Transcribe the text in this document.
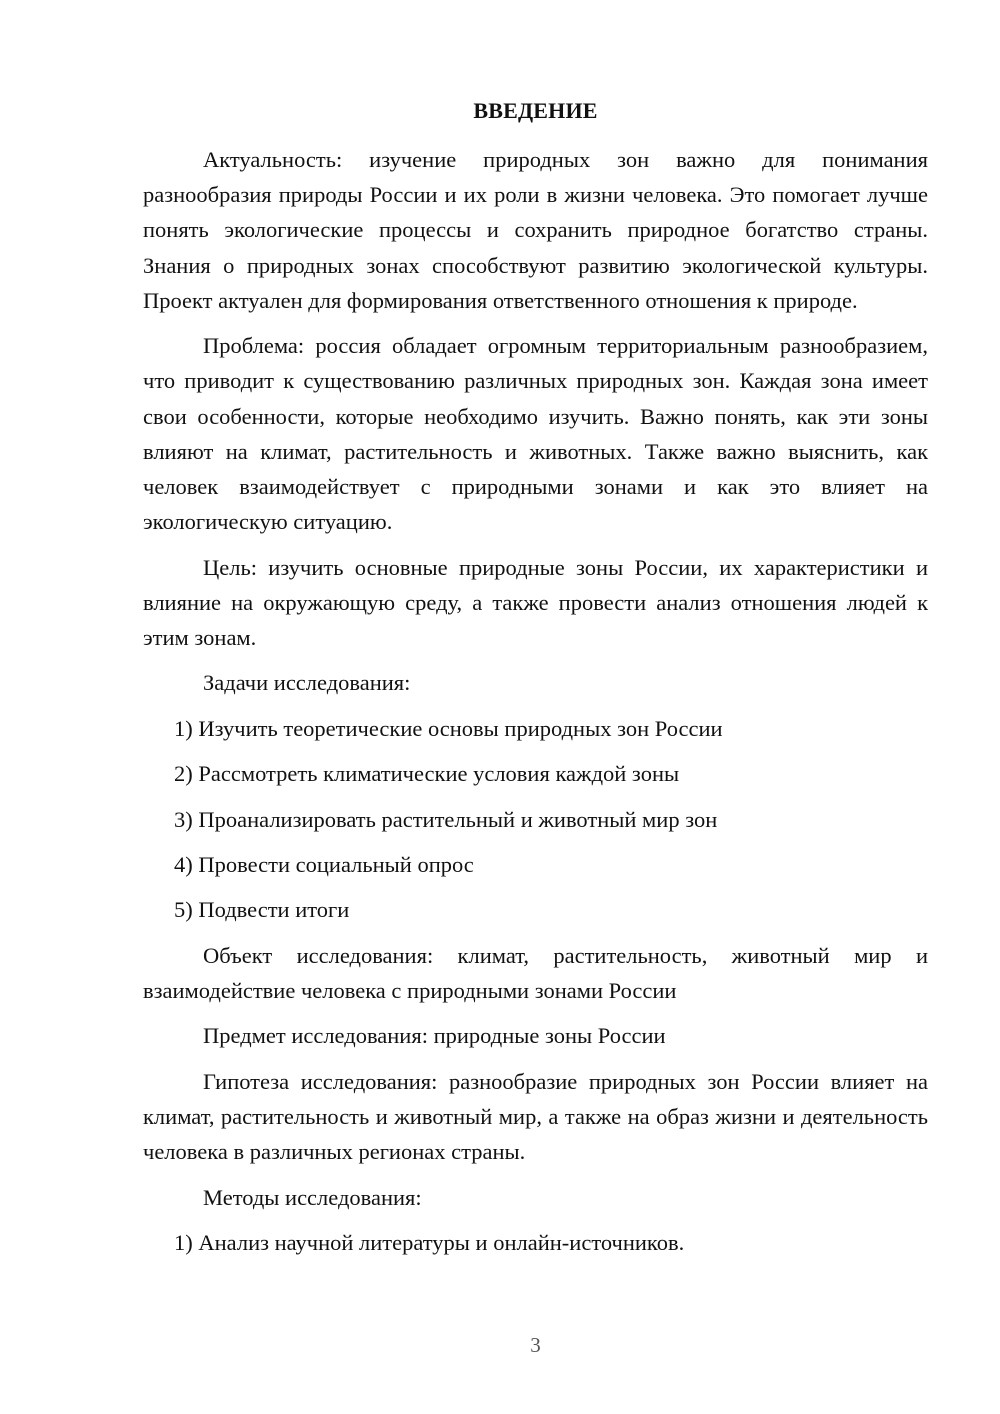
ВВЕДЕНИЕ

Актуальность: изучение природных зон важно для понимания разнообразия природы России и их роли в жизни человека. Это помогает лучше понять экологические процессы и сохранить природное богатство страны. Знания о природных зонах способствуют развитию экологической культуры. Проект актуален для формирования ответственного отношения к природе.

Проблема: россия обладает огромным территориальным разнообразием, что приводит к существованию различных природных зон. Каждая зона имеет свои особенности, которые необходимо изучить. Важно понять, как эти зоны влияют на климат, растительность и животных. Также важно выяснить, как человек взаимодействует с природными зонами и как это влияет на экологическую ситуацию.

Цель: изучить основные природные зоны России, их характеристики и влияние на окружающую среду, а также провести анализ отношения людей к этим зонам.

Задачи исследования:

1) Изучить теоретические основы природных зон России

2) Рассмотреть климатические условия каждой зоны

3) Проанализировать растительный и животный мир зон

4) Провести социальный опрос

5) Подвести итоги

Объект исследования: климат, растительность, животный мир и взаимодействие человека с природными зонами России

Предмет исследования: природные зоны России

Гипотеза исследования: разнообразие природных зон России влияет на климат, растительность и животный мир, а также на образ жизни и деятельность человека в различных регионах страны.

Методы исследования:

1) Анализ научной литературы и онлайн-источников.

3
